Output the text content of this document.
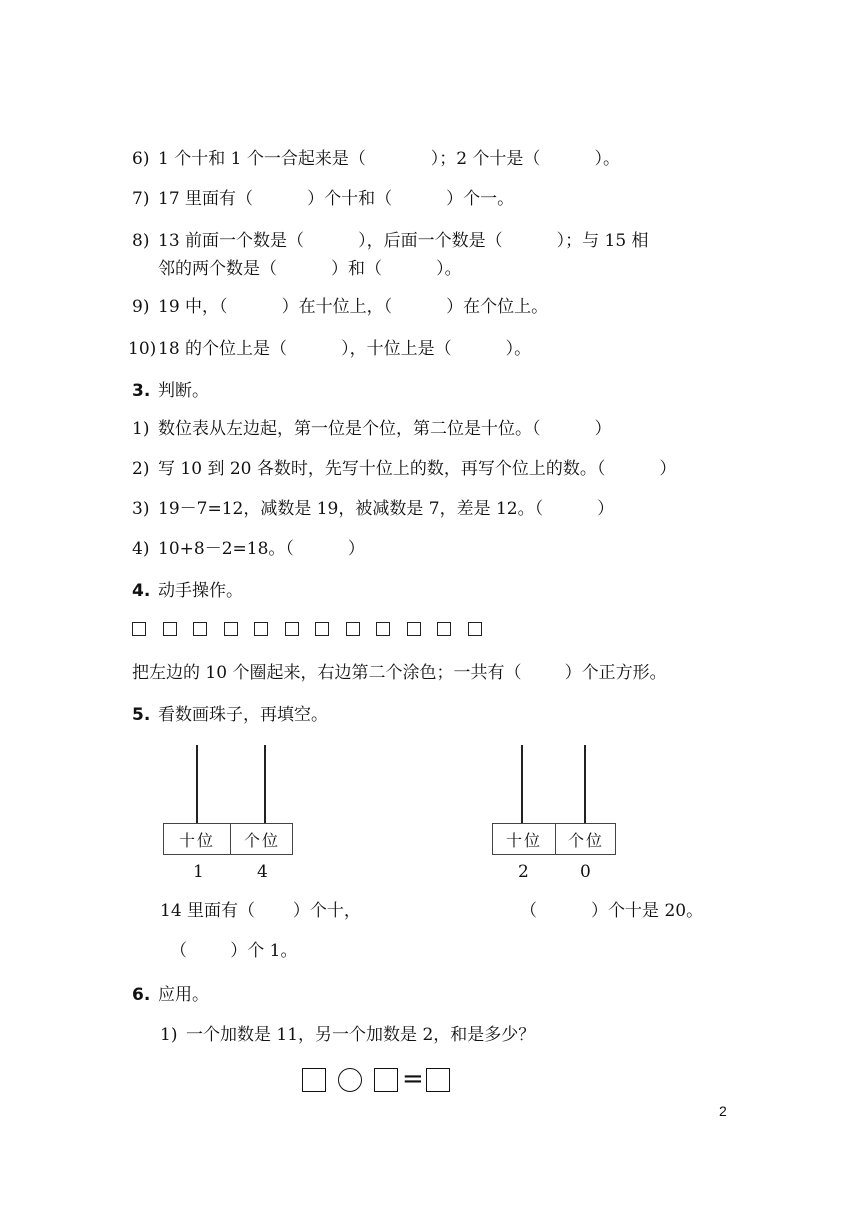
6) 1 个十和 1 个一合起来是（            ）；2 个十是（          ）。
7) 17 里面有（          ）个十和（          ）个一。
8) 13 前面一个数是（          ），后面一个数是（          ）；与 15 相
邻的两个数是（          ）和（          ）。
9) 19 中，（          ）在十位上，（          ）在个位上。
10) 18 的个位上是（          ），十位上是（          ）。
3. 判断。
1) 数位表从左边起，第一位是个位，第二位是十位。（          ）
2) 写 10 到 20 各数时，先写十位上的数，再写个位上的数。（          ）
3) 19－7=12，减数是 19，被减数是 7，差是 12。（          ）
4) 10+8－2=18。（          ）
4. 动手操作。
把左边的 10 个圈起来，右边第二个涂色；一共有（        ）个正方形。
5. 看数画珠子，再填空。
十位	个位
1	4
十位	个位
2	0
14 里面有（       ）个十，	（          ）个十是 20。
（        ）个 1。
6. 应用。
1) 一个加数是 11，另一个加数是 2，和是多少？
=
2
